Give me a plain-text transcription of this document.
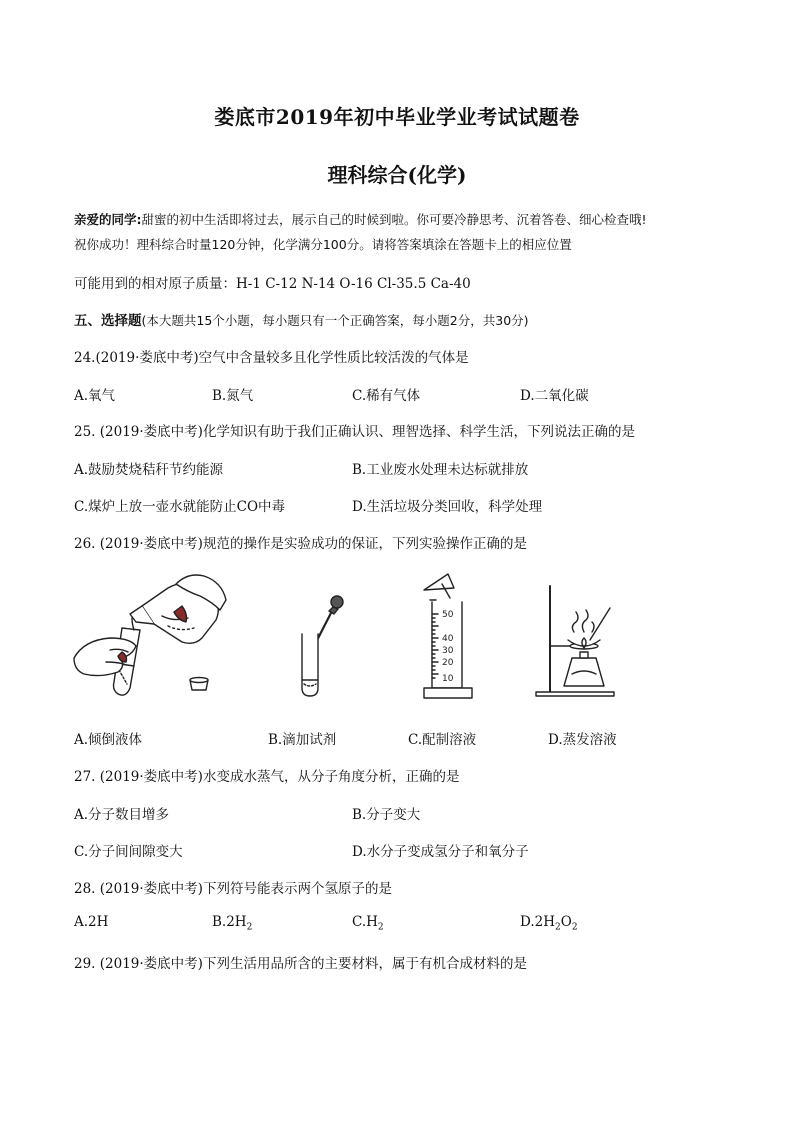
娄底市2019年初中毕业学业考试试题卷
理科综合(化学)
亲爱的同学:甜蜜的初中生活即将过去，展示自己的时候到啦。你可要冷静思考、沉着答卷、细心检查哦!
祝你成功！理科综合时量120分钟，化学满分100分。请将答案填涂在答题卡上的相应位置
可能用到的相对原子质量：H-1 C-12 N-14 O-16 Cl-35.5 Ca-40
五、选择题(本大题共15个小题，每小题只有一个正确答案，每小题2分，共30分)
24.(2019·娄底中考)空气中含量较多且化学性质比较活泼的气体是
A.氧气	B.氮气	C.稀有气体	D.二氧化碳
25. (2019·娄底中考)化学知识有助于我们正确认识、理智选择、科学生活，下列说法正确的是
A.鼓励焚烧秸秆节约能源	B.工业废水处理未达标就排放
C.煤炉上放一壶水就能防止CO中毒	D.生活垃圾分类回收，科学处理
26. (2019·娄底中考)规范的操作是实验成功的保证，下列实验操作正确的是
50
40
30
20
10
A.倾倒液体	B.滴加试剂	C.配制溶液	D.蒸发溶液
27. (2019·娄底中考)水变成水蒸气，从分子角度分析，正确的是
A.分子数目增多	B.分子变大
C.分子间间隙变大	D.水分子变成氢分子和氧分子
28. (2019·娄底中考)下列符号能表示两个氢原子的是
A.2H	$B.2H_2$	$C.H_2$	$D.2H_2O_2$
29. (2019·娄底中考)下列生活用品所含的主要材料，属于有机合成材料的是
